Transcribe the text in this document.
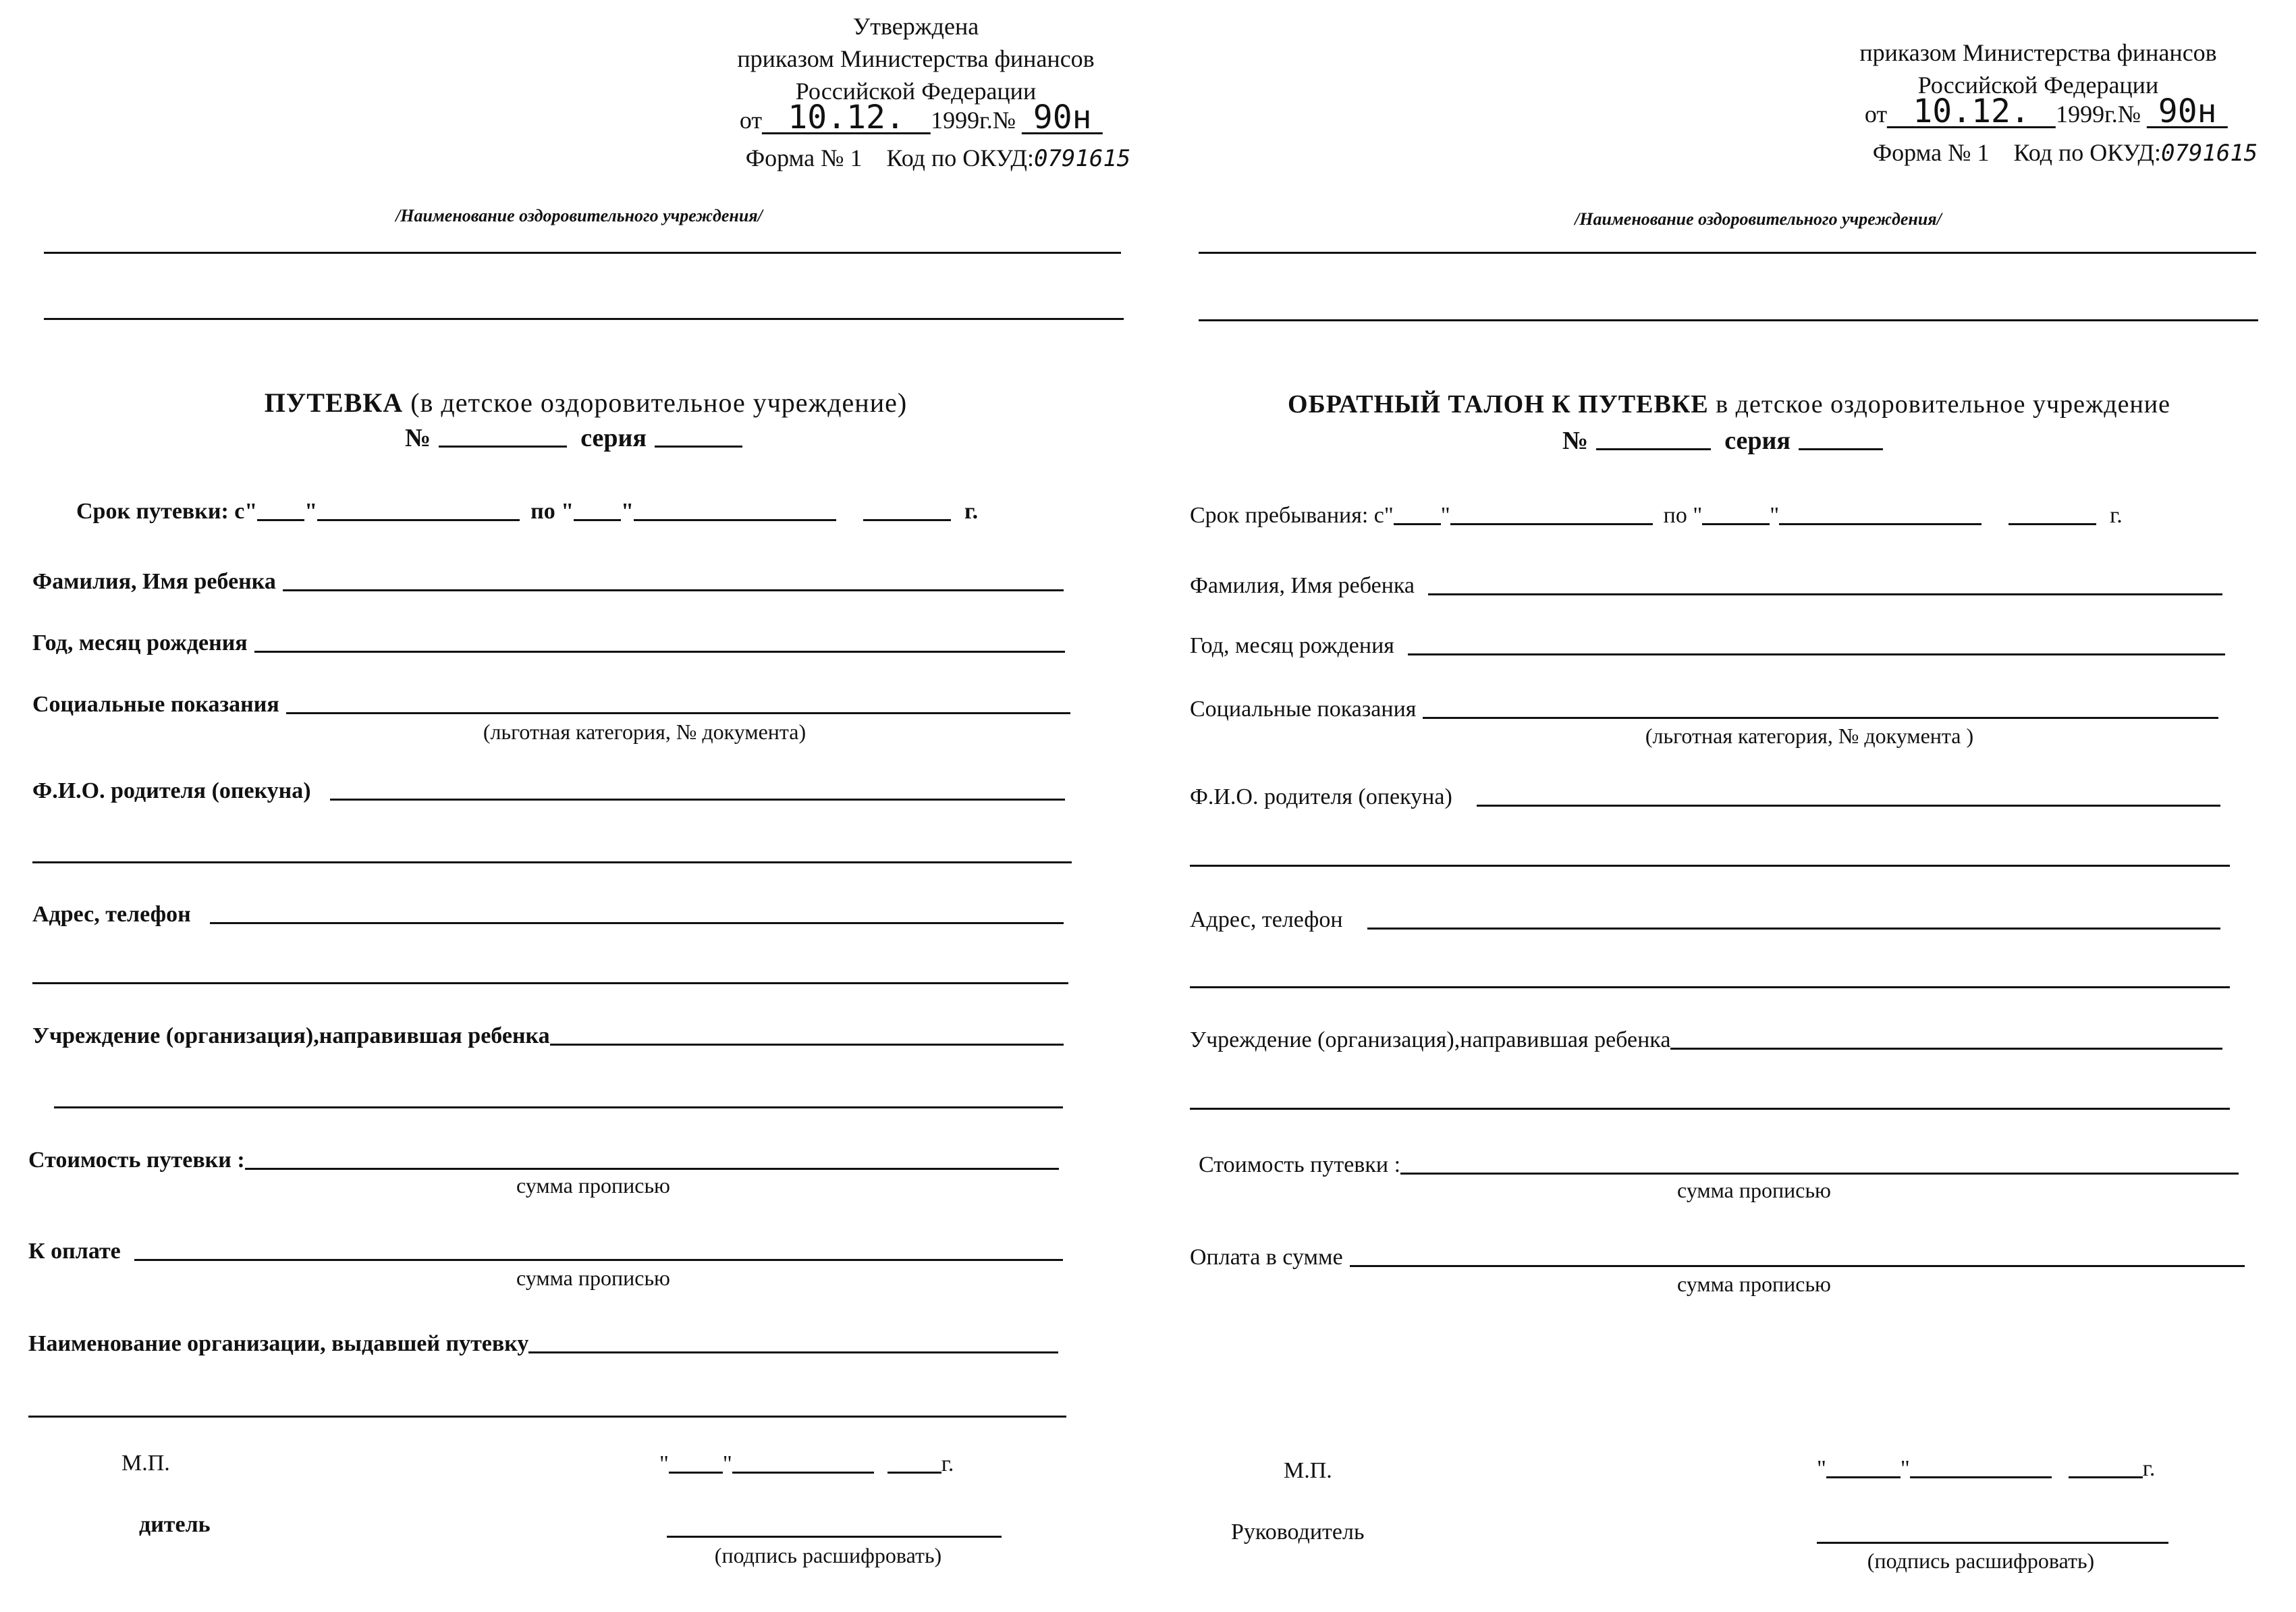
Утверждена
приказом Министерства финансов
Российской Федерации
от 10.12. 1999г.№ 90н
Форма № 1 Код по ОКУД:0791615
/Наименование оздоровительного учреждения/
ПУТЕВКА (в детское оздоровительное учреждение)
№	серия
Срок путевки: с" "	по " "	г.
Фамилия, Имя ребенка
Год, месяц рождения
Социальные показания
(льготная категория, № документа)
Ф.И.О. родителя (опекуна)
Адрес, телефон
Учреждение (организация),направившая ребенка
Стоимость путевки :
сумма прописью
К оплате
сумма прописью
Наименование организации, выдавшей путевку
М.П.	" "	г.
дитель
(подпись расшифровать)
приказом Министерства финансов
Российской Федерации
от 10.12. 1999г.№ 90н
Форма № 1 Код по ОКУД:0791615
/Наименование оздоровительного учреждения/
ОБРАТНЫЙ ТАЛОН К ПУТЕВКЕ в детское оздоровительное учреждение
№	серия
Срок пребывания: с" "	по "	"	г.
Фамилия, Имя ребенка
Год, месяц рождения
Социальные показания
(льготная категория, № документа )
Ф.И.О. родителя (опекуна)
Адрес, телефон
Учреждение (организация),направившая ребенка
Стоимость путевки :
сумма прописью
Оплата в сумме
сумма прописью
М.П.	"	"	г.
Руководитель
(подпись расшифровать)
